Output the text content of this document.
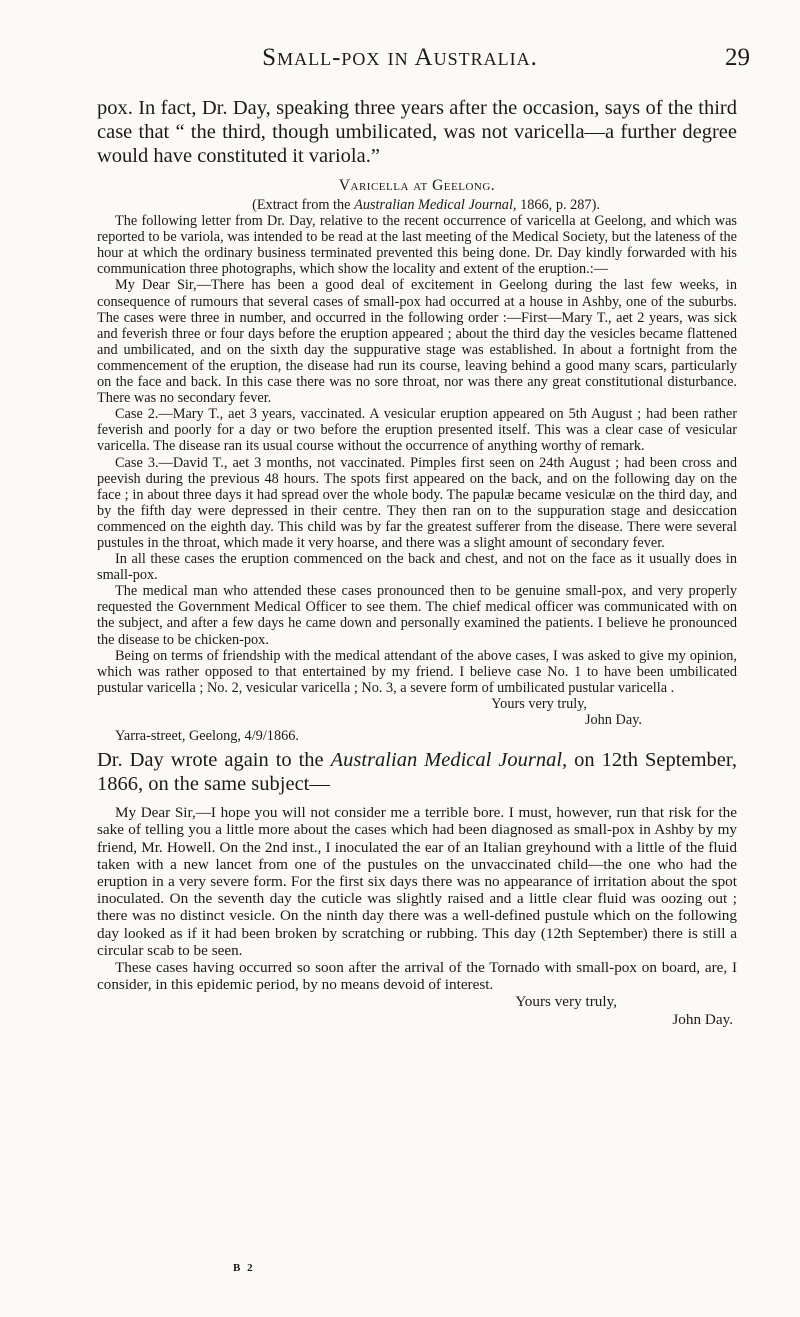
Small-pox in Australia.	29

pox. In fact, Dr. Day, speaking three years after the occasion, says of the third case that “ the third, though umbilicated, was not varicella—a further degree would have constituted it variola.”

Varicella at Geelong.

(Extract from the Australian Medical Journal, 1866, p. 287).

The following letter from Dr. Day, relative to the recent occurrence of varicella at Geelong, and which was reported to be variola, was intended to be read at the last meeting of the Medical Society, but the lateness of the hour at which the ordinary business terminated prevented this being done. Dr. Day kindly forwarded with his communication three photographs, which show the locality and extent of the eruption.:—

My Dear Sir,—There has been a good deal of excitement in Geelong during the last few weeks, in consequence of rumours that several cases of small-pox had occurred at a house in Ashby, one of the suburbs. The cases were three in number, and occurred in the following order :—First—Mary T., aet 2 years, was sick and feverish three or four days before the eruption appeared ; about the third day the vesicles became flattened and umbilicated, and on the sixth day the suppurative stage was established. In about a fortnight from the commencement of the eruption, the disease had run its course, leaving behind a good many scars, particularly on the face and back. In this case there was no sore throat, nor was there any great constitutional disturbance. There was no secondary fever.

Case 2.—Mary T., aet 3 years, vaccinated. A vesicular eruption appeared on 5th August ; had been rather feverish and poorly for a day or two before the eruption presented itself. This was a clear case of vesicular varicella. The disease ran its usual course without the occurrence of anything worthy of remark.

Case 3.—David T., aet 3 months, not vaccinated. Pimples first seen on 24th August ; had been cross and peevish during the previous 48 hours. The spots first appeared on the back, and on the following day on the face ; in about three days it had spread over the whole body. The papulæ became vesiculæ on the third day, and by the fifth day were depressed in their centre. They then ran on to the suppuration stage and desiccation commenced on the eighth day. This child was by far the greatest sufferer from the disease. There were several pustules in the throat, which made it very hoarse, and there was a slight amount of secondary fever.

In all these cases the eruption commenced on the back and chest, and not on the face as it usually does in small-pox.

The medical man who attended these cases pronounced then to be genuine small-pox, and very properly requested the Government Medical Officer to see them. The chief medical officer was communicated with on the subject, and after a few days he came down and personally examined the patients. I believe he pronounced the disease to be chicken-pox.

Being on terms of friendship with the medical attendant of the above cases, I was asked to give my opinion, which was rather opposed to that entertained by my friend. I believe case No. 1 to have been umbilicated pustular varicella ; No. 2, vesicular varicella ; No. 3, a severe form of umbilicated pustular varicella .

Yours very truly,

John Day.

Yarra-street, Geelong, 4/9/1866.

Dr. Day wrote again to the Australian Medical Journal, on 12th September, 1866, on the same subject—

My Dear Sir,—I hope you will not consider me a terrible bore. I must, however, run that risk for the sake of telling you a little more about the cases which had been diagnosed as small-pox in Ashby by my friend, Mr. Howell. On the 2nd inst., I inoculated the ear of an Italian greyhound with a little of the fluid taken with a new lancet from one of the pustules on the unvaccinated child—the one who had the eruption in a very severe form. For the first six days there was no appearance of irritation about the spot inoculated. On the seventh day the cuticle was slightly raised and a little clear fluid was oozing out ; there was no distinct vesicle. On the ninth day there was a well-defined pustule which on the following day looked as if it had been broken by scratching or rubbing. This day (12th September) there is still a circular scab to be seen.

These cases having occurred so soon after the arrival of the Tornado with small-pox on board, are, I consider, in this epidemic period, by no means devoid of interest.

Yours very truly,

John Day.

B 2
